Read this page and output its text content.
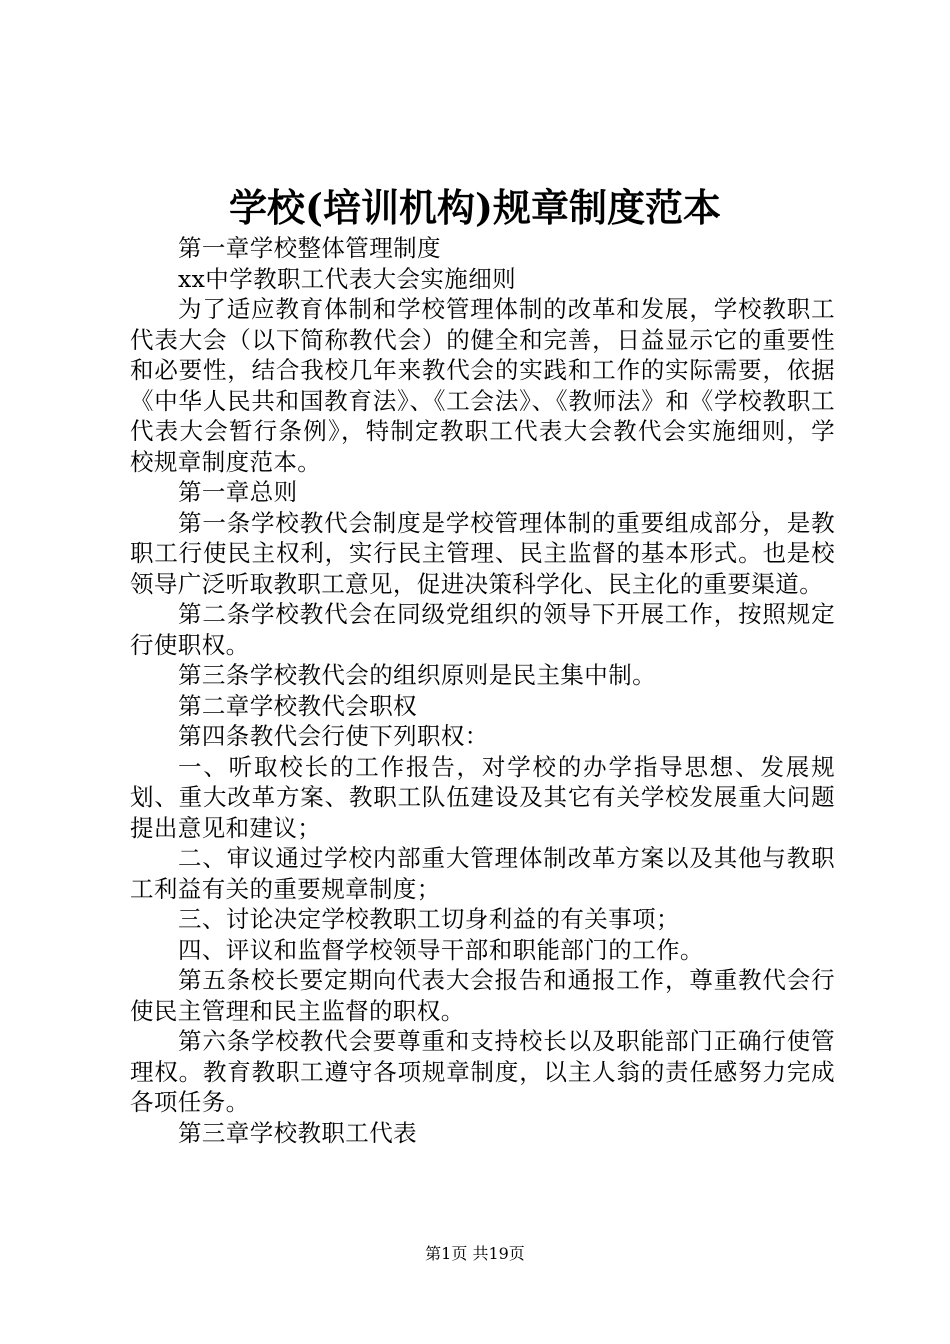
学校(培训机构)规章制度范本

第一章学校整体管理制度

xx中学教职工代表大会实施细则

为了适应教育体制和学校管理体制的改革和发展，学校教职工代表大会（以下简称教代会）的健全和完善，日益显示它的重要性和必要性，结合我校几年来教代会的实践和工作的实际需要，依据《中华人民共和国教育法》、《工会法》、《教师法》和《学校教职工代表大会暂行条例》，特制定教职工代表大会教代会实施细则，学校规章制度范本。

第一章总则

第一条学校教代会制度是学校管理体制的重要组成部分，是教职工行使民主权利，实行民主管理、民主监督的基本形式。也是校领导广泛听取教职工意见，促进决策科学化、民主化的重要渠道。

第二条学校教代会在同级党组织的领导下开展工作，按照规定行使职权。

第三条学校教代会的组织原则是民主集中制。

第二章学校教代会职权

第四条教代会行使下列职权：

一、听取校长的工作报告，对学校的办学指导思想、发展规划、重大改革方案、教职工队伍建设及其它有关学校发展重大问题提出意见和建议；

二、审议通过学校内部重大管理体制改革方案以及其他与教职工利益有关的重要规章制度；

三、讨论决定学校教职工切身利益的有关事项；

四、评议和监督学校领导干部和职能部门的工作。

第五条校长要定期向代表大会报告和通报工作，尊重教代会行使民主管理和民主监督的职权。

第六条学校教代会要尊重和支持校长以及职能部门正确行使管理权。教育教职工遵守各项规章制度，以主人翁的责任感努力完成各项任务。

第三章学校教职工代表

第1页 共19页
